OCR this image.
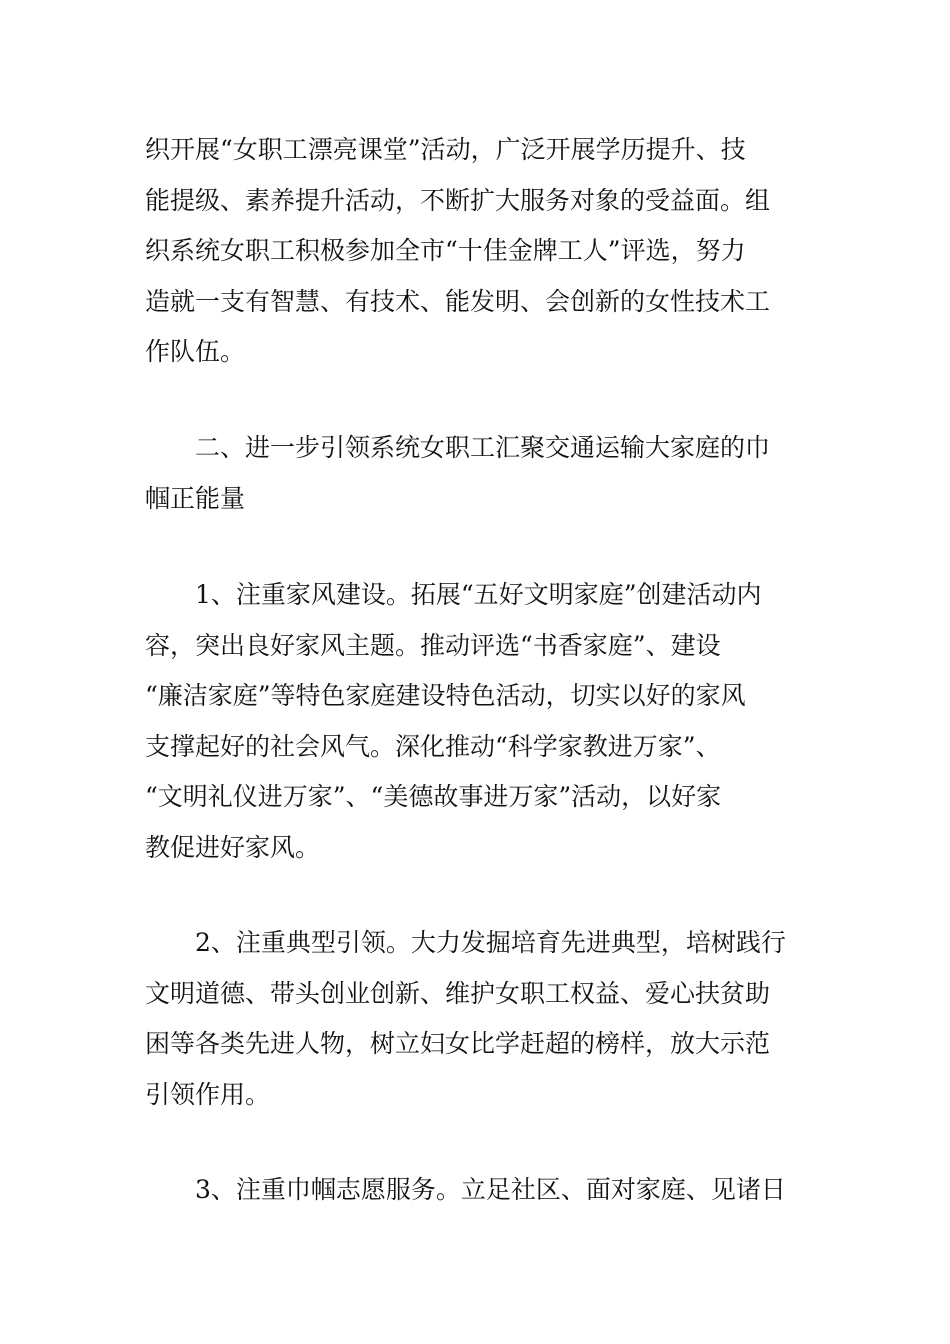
织开展“女职工漂亮课堂”活动，广泛开展学历提升、技
能提级、素养提升活动，不断扩大服务对象的受益面。组
织系统女职工积极参加全市“十佳金牌工人”评选，努力
造就一支有智慧、有技术、能发明、会创新的女性技术工
作队伍。
二、进一步引领系统女职工汇聚交通运输大家庭的巾
帼正能量
1、注重家风建设。拓展“五好文明家庭”创建活动内
容，突出良好家风主题。推动评选“书香家庭”、建设
“廉洁家庭”等特色家庭建设特色活动，切实以好的家风
支撑起好的社会风气。深化推动“科学家教进万家”、
“文明礼仪进万家”、“美德故事进万家”活动，以好家
教促进好家风。
2、注重典型引领。大力发掘培育先进典型，培树践行
文明道德、带头创业创新、维护女职工权益、爱心扶贫助
困等各类先进人物，树立妇女比学赶超的榜样，放大示范
引领作用。
3、注重巾帼志愿服务。立足社区、面对家庭、见诸日
